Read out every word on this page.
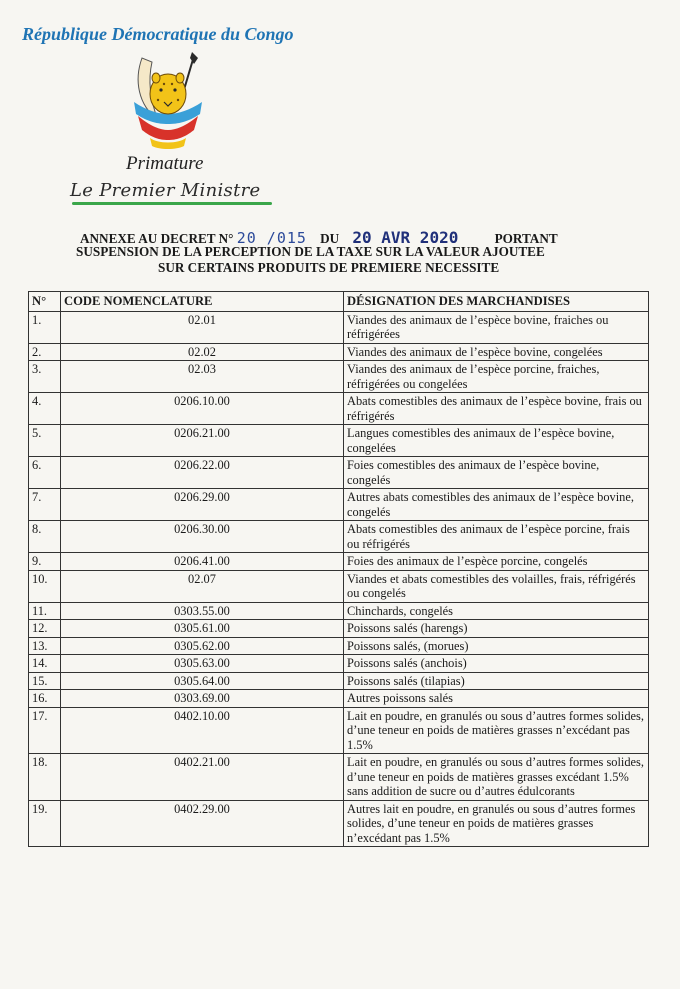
République Démocratique du Congo
Primature
Le Premier Ministre
ANNEXE AU DECRET N° 20 /015 DU 20 AVR 2020	PORTANT
SUSPENSION DE LA PERCEPTION DE LA TAXE SUR LA VALEUR AJOUTEE
SUR CERTAINS PRODUITS DE PREMIERE NECESSITE
N°	CODE NOMENCLATURE	DÉSIGNATION DES MARCHANDISES
1.	02.01	Viandes des animaux de l’espèce bovine, fraiches ou réfrigérées
2.	02.02	Viandes des animaux de l’espèce bovine, congelées
3.	02.03	Viandes des animaux de l’espèce porcine, fraiches, réfrigérées ou congelées
4.	0206.10.00	Abats comestibles des animaux de l’espèce bovine, frais ou réfrigérés
5.	0206.21.00	Langues comestibles des animaux de l’espèce bovine, congelées
6.	0206.22.00	Foies comestibles des animaux de l’espèce bovine, congelés
7.	0206.29.00	Autres abats comestibles des animaux de l’espèce bovine, congelés
8.	0206.30.00	Abats comestibles des animaux de l’espèce porcine, frais ou réfrigérés
9.	0206.41.00	Foies des animaux de l’espèce porcine, congelés
10.	02.07	Viandes et abats comestibles des volailles, frais, réfrigérés ou congelés
11.	0303.55.00	Chinchards, congelés
12.	0305.61.00	Poissons salés (harengs)
13.	0305.62.00	Poissons salés, (morues)
14.	0305.63.00	Poissons salés (anchois)
15.	0305.64.00	Poissons salés (tilapias)
16.	0303.69.00	Autres poissons salés
17.	0402.10.00	Lait en poudre, en granulés ou sous d’autres formes solides, d’une teneur en poids de matières grasses n’excédant pas 1.5%
18.	0402.21.00	Lait en poudre, en granulés ou sous d’autres formes solides, d’une teneur en poids de matières grasses excédant 1.5% sans addition de sucre ou d’autres édulcorants
19.	0402.29.00	Autres lait en poudre, en granulés ou sous d’autres formes solides, d’une teneur en poids de matières grasses n’excédant pas 1.5%
